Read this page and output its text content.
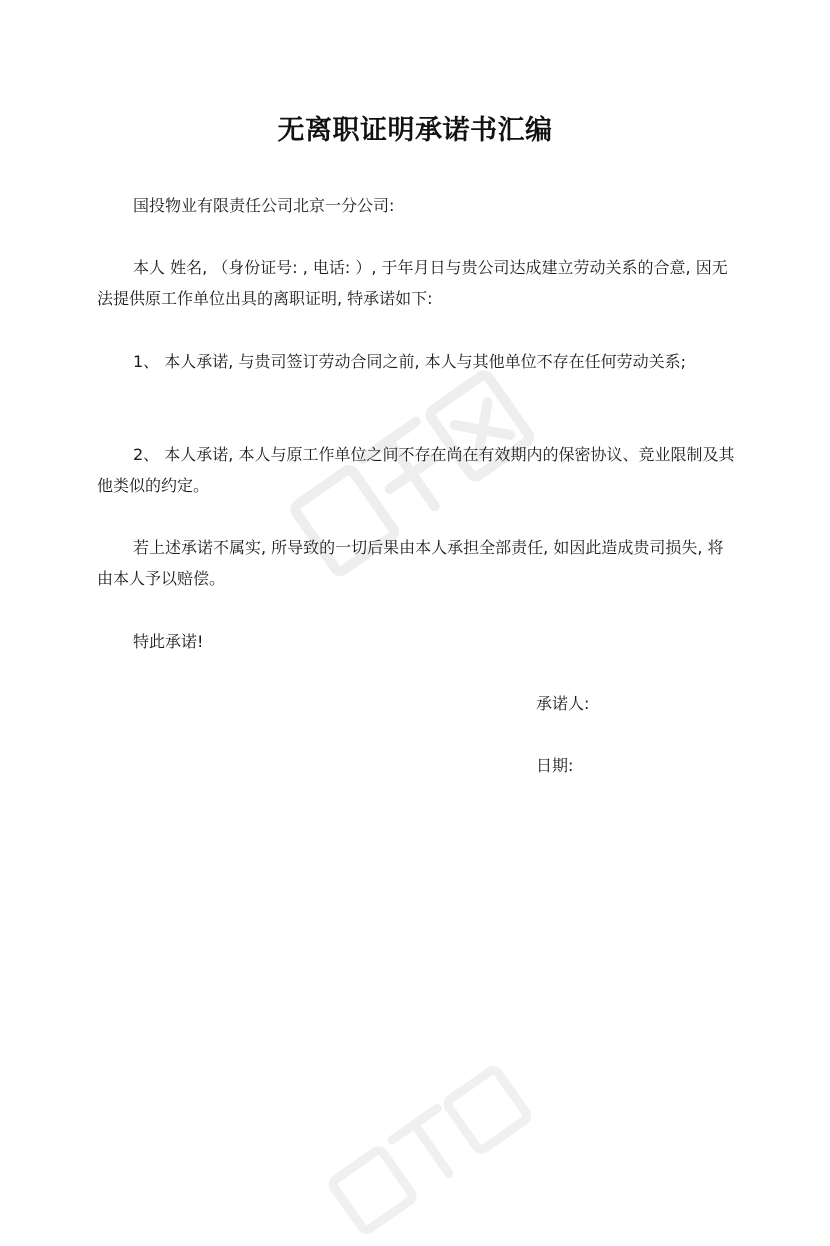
无离职证明承诺书汇编
国投物业有限责任公司北京一分公司:
本人 姓名, （身份证号: , 电话: ）, 于年月日与贵公司达成建立劳动关系的合意, 因无法提供原工作单位出具的离职证明, 特承诺如下:
1、 本人承诺, 与贵司签订劳动合同之前, 本人与其他单位不存在任何劳动关系;
2、 本人承诺, 本人与原工作单位之间不存在尚在有效期内的保密协议、竞业限制及其他类似的约定。
若上述承诺不属实, 所导致的一切后果由本人承担全部责任, 如因此造成贵司损失, 将由本人予以赔偿。
特此承诺!
承诺人:
日期:
